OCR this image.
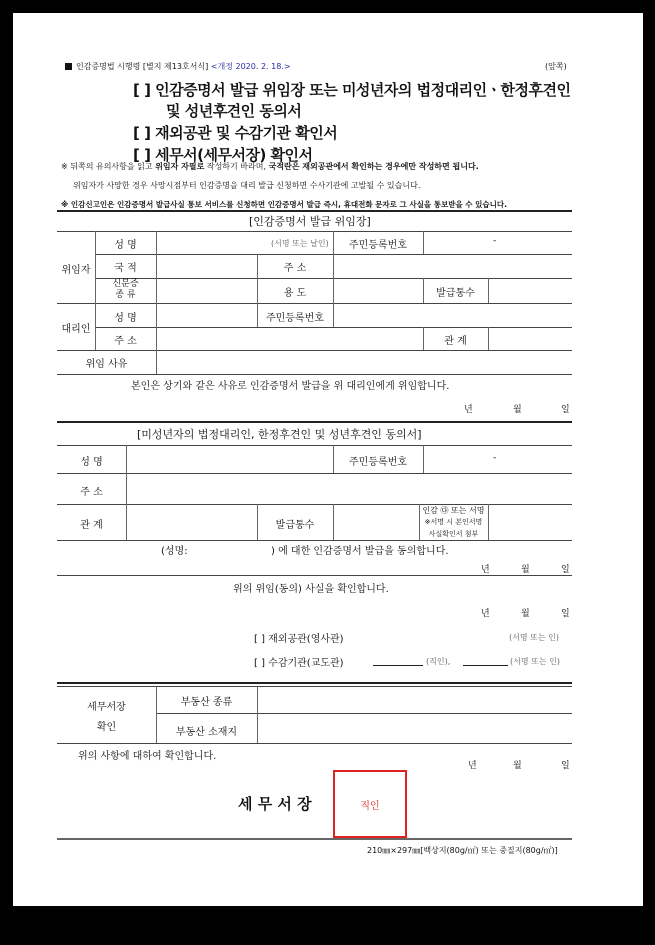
인감증명법 시행령 [별지 제13호서식] <개정 2020. 2. 18.>	(앞쪽)
[ ] 인감증명서 발급 위임장 또는 미성년자의 법정대리인ㆍ한정후견인
및 성년후견인 동의서
[ ] 재외공관 및 수감기관 확인서
[ ] 세무서(세무서장) 확인서
※ 뒤쪽의 유의사항을 읽고 위임자 자필로 작성하기 바라며, 국적란은 재외공관에서 확인하는 경우에만 작성하면 됩니다.
위임자가 사망한 경우 사망시점부터 인감증명을 대리 발급 신청하면 수사기관에 고발될 수 있습니다.
※ 인감신고인은 인감증명서 발급사실 통보 서비스를 신청하면 인감증명서 발급 즉시, 휴대전화 문자로 그 사실을 통보받을 수 있습니다.
[인감증명서 발급 위임장]
위임자
성 명	(서명 또는 날인)	주민등록번호	-
국 적	주 소
신분증
종 류	용 도	발급통수
대리인
성 명	주민등록번호
주 소	관 계
위임 사유
본인은 상기와 같은 사유로 인감증명서 발급을 위 대리인에게 위임합니다.
년	월	일
[미성년자의 법정대리인, 한정후견인 및 성년후견인 동의서]
성 명	주민등록번호	-
주 소
관 계	발급통수
인감 ㉰ 또는 서명
※서명 시 본인서명
사실확인서 첨부
(성명:	) 에 대한 인감증명서 발급을 동의합니다.
년	월	일
위의 위임(동의) 사실을 확인합니다.
년	월	일
[ ] 재외공관(영사관)	(서명 또는 인)
[ ] 수감기관(교도관)	(직인),	(서명 또는 인)
세무서장
확인
부동산 종류
부동산 소재지
위의 사항에 대하여 확인합니다.
년	월	일
세 무 서 장	직인
210㎜×297㎜[백상지(80g/㎡) 또는 중질지(80g/㎡)]
